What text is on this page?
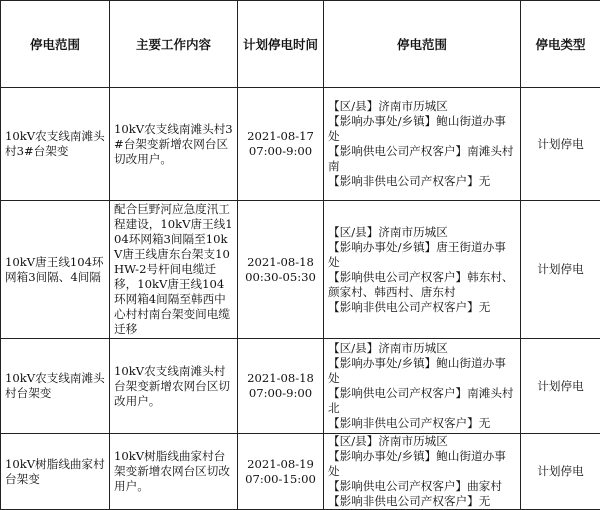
停电范围	主要工作内容	计划停电时间	停电范围	停电类型
10kV农支线南滩头村3#台架变	10kV农支线南滩头村3#台架变新增农网台区切改用户。	2021-08-17
07:00-9:00	【区/县】济南市历城区
【影响办事处/乡镇】鲍山街道办事处
【影响供电公司产权客户】南滩头村南
【影响非供电公司产权客户】无	计划停电
10kV唐王线104环网箱3间隔、4间隔	配合巨野河应急度汛工程建设，10kV唐王线104环网箱3间隔至10kV唐王线唐东台架支10HW-2号杆间电缆迁移，10kV唐王线104环网箱4间隔至韩西中心村村南台架变间电缆迁移	2021-08-18
00:30-05:30	【区/县】济南市历城区
【影响办事处/乡镇】唐王街道办事处
【影响供电公司产权客户】韩东村、颜家村、韩西村、唐东村
【影响非供电公司产权客户】无	计划停电
10kV农支线南滩头村台架变	10kV农支线南滩头村台架变新增农网台区切改用户。	2021-08-18
07:00-9:00	【区/县】济南市历城区
【影响办事处/乡镇】鲍山街道办事处
【影响供电公司产权客户】南滩头村北
【影响非供电公司产权客户】无	计划停电
10kV树脂线曲家村台架变	10kV树脂线曲家村台架变新增农网台区切改用户。	2021-08-19
07:00-15:00	【区/县】济南市历城区
【影响办事处/乡镇】鲍山街道办事处
【影响供电公司产权客户】曲家村
【影响非供电公司产权客户】无	计划停电
